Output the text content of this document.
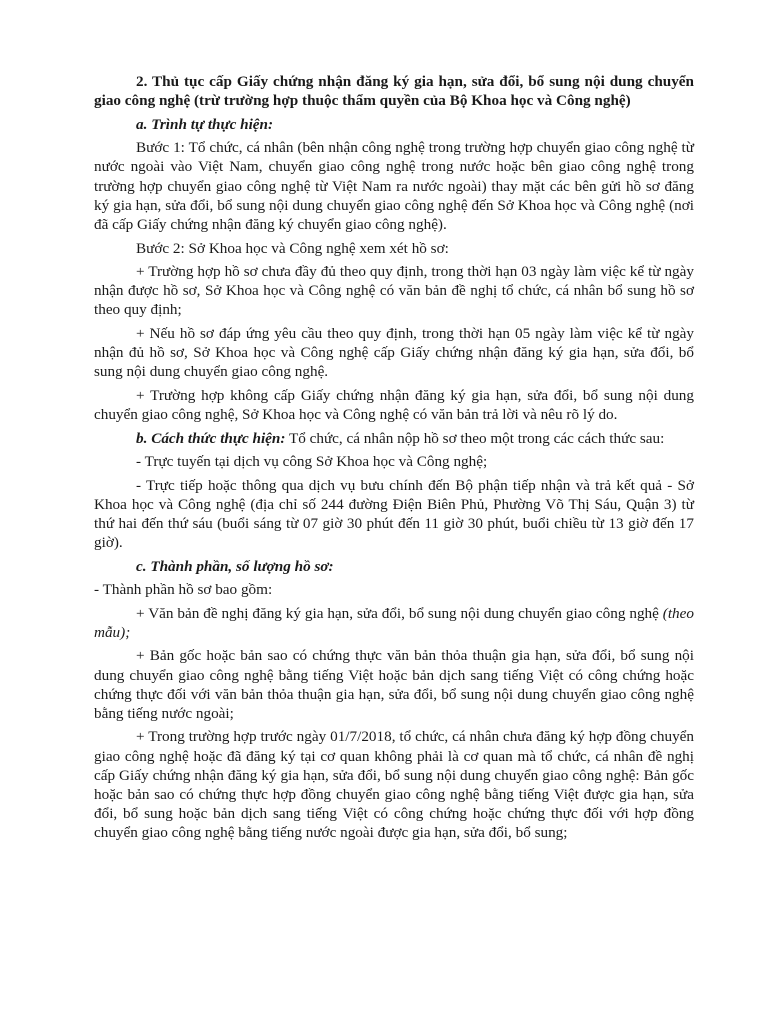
2. Thủ tục cấp Giấy chứng nhận đăng ký gia hạn, sửa đổi, bổ sung nội dung chuyển giao công nghệ (trừ trường hợp thuộc thẩm quyền của Bộ Khoa học và Công nghệ)

a. Trình tự thực hiện:

Bước 1: Tổ chức, cá nhân (bên nhận công nghệ trong trường hợp chuyển giao công nghệ từ nước ngoài vào Việt Nam, chuyển giao công nghệ trong nước hoặc bên giao công nghệ trong trường hợp chuyển giao công nghệ từ Việt Nam ra nước ngoài) thay mặt các bên gửi hồ sơ đăng ký gia hạn, sửa đổi, bổ sung nội dung chuyển giao công nghệ đến Sở Khoa học và Công nghệ (nơi đã cấp Giấy chứng nhận đăng ký chuyển giao công nghệ).

Bước 2: Sở Khoa học và Công nghệ xem xét hồ sơ:

+ Trường hợp hồ sơ chưa đầy đủ theo quy định, trong thời hạn 03 ngày làm việc kể từ ngày nhận được hồ sơ, Sở Khoa học và Công nghệ có văn bản đề nghị tổ chức, cá nhân bổ sung hồ sơ theo quy định;

+ Nếu hồ sơ đáp ứng yêu cầu theo quy định, trong thời hạn 05 ngày làm việc kể từ ngày nhận đủ hồ sơ, Sở Khoa học và Công nghệ cấp Giấy chứng nhận đăng ký gia hạn, sửa đổi, bổ sung nội dung chuyển giao công nghệ.

+ Trường hợp không cấp Giấy chứng nhận đăng ký gia hạn, sửa đổi, bổ sung nội dung chuyển giao công nghệ, Sở Khoa học và Công nghệ có văn bản trả lời và nêu rõ lý do.

b. Cách thức thực hiện: Tổ chức, cá nhân nộp hồ sơ theo một trong các cách thức sau:

- Trực tuyến tại dịch vụ công Sở Khoa học và Công nghệ;

- Trực tiếp hoặc thông qua dịch vụ bưu chính đến Bộ phận tiếp nhận và trả kết quả - Sở Khoa học và Công nghệ (địa chỉ số 244 đường Điện Biên Phủ, Phường Võ Thị Sáu, Quận 3) từ thứ hai đến thứ sáu (buổi sáng từ 07 giờ 30 phút đến 11 giờ 30 phút, buổi chiều từ 13 giờ đến 17 giờ).

c. Thành phần, số lượng hồ sơ:

- Thành phần hồ sơ bao gồm:

+ Văn bản đề nghị đăng ký gia hạn, sửa đổi, bổ sung nội dung chuyển giao công nghệ (theo mẫu);

+ Bản gốc hoặc bản sao có chứng thực văn bản thỏa thuận gia hạn, sửa đổi, bổ sung nội dung chuyển giao công nghệ bằng tiếng Việt hoặc bản dịch sang tiếng Việt có công chứng hoặc chứng thực đối với văn bản thỏa thuận gia hạn, sửa đổi, bổ sung nội dung chuyển giao công nghệ bằng tiếng nước ngoài;

+ Trong trường hợp trước ngày 01/7/2018, tổ chức, cá nhân chưa đăng ký hợp đồng chuyển giao công nghệ hoặc đã đăng ký tại cơ quan không phải là cơ quan mà tổ chức, cá nhân đề nghị cấp Giấy chứng nhận đăng ký gia hạn, sửa đổi, bổ sung nội dung chuyển giao công nghệ: Bản gốc hoặc bản sao có chứng thực hợp đồng chuyển giao công nghệ bằng tiếng Việt được gia hạn, sửa đổi, bổ sung hoặc bản dịch sang tiếng Việt có công chứng hoặc chứng thực đối với hợp đồng chuyển giao công nghệ bằng tiếng nước ngoài được gia hạn, sửa đổi, bổ sung;
